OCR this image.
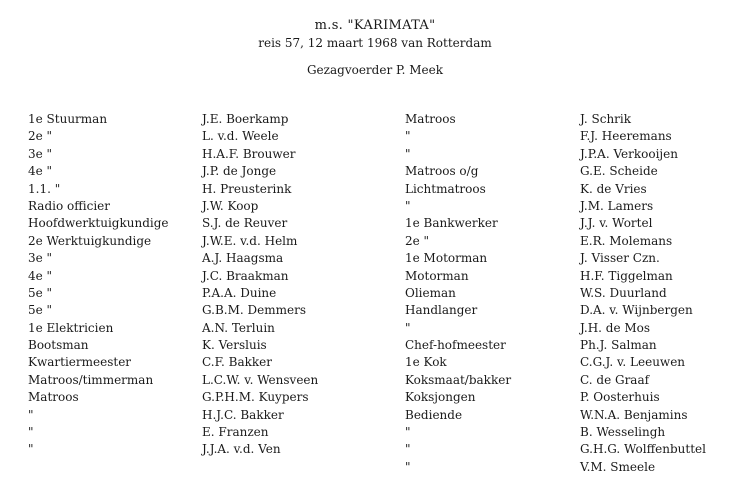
m.s. "KARIMATA"
reis 57, 12 maart 1968 van Rotterdam
Gezagvoerder P. Meek
1e Stuurman
2e "
3e "
4e "
1.1. "
Radio officier
Hoofdwerktuigkundige
2e Werktuigkundige
3e "
4e "
5e "
5e "
1e Elektricien
Bootsman
Kwartiermeester
Matroos/timmerman
Matroos
"
"
"
J.E. Boerkamp
L. v.d. Weele
H.A.F. Brouwer
J.P. de Jonge
H. Preusterink
J.W. Koop
S.J. de Reuver
J.W.E. v.d. Helm
A.J. Haagsma
J.C. Braakman
P.A.A. Duine
G.B.M. Demmers
A.N. Terluin
K. Versluis
C.F. Bakker
L.C.W. v. Wensveen
G.P.H.M. Kuypers
H.J.C. Bakker
E. Franzen
J.J.A. v.d. Ven
Matroos
"
"
Matroos o/g
Lichtmatroos
"
1e Bankwerker
2e "
1e Motorman
Motorman
Olieman
Handlanger
"
Chef-hofmeester
1e Kok
Koksmaat/bakker
Koksjongen
Bediende
"
"
"
J. Schrik
F.J. Heeremans
J.P.A. Verkooijen
G.E. Scheide
K. de Vries
J.M. Lamers
J.J. v. Wortel
E.R. Molemans
J. Visser Czn.
H.F. Tiggelman
W.S. Duurland
D.A. v. Wijnbergen
J.H. de Mos
Ph.J. Salman
C.G.J. v. Leeuwen
C. de Graaf
P. Oosterhuis
W.N.A. Benjamins
B. Wesselingh
G.H.G. Wolffenbuttel
V.M. Smeele
